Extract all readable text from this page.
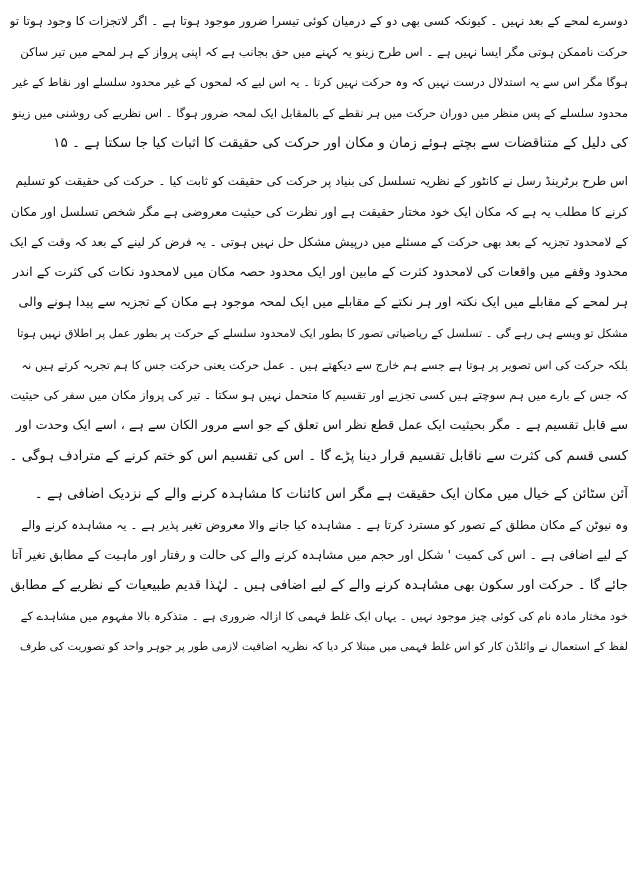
دوسرے لمحے کے بعد نہیں ۔ کیونکہ کسی بھی دو کے درمیان کوئی تیسرا ضرور موجود ہوتا ہے ۔ اگر لاتجزات کا وجود ہوتا تو
حرکت ناممکن ہوتی مگر ایسا نہیں ہے ۔ اس طرح زینو یہ کہنے میں حق بجانب ہے کہ اپنی پرواز کے ہر لمحے میں تیر ساکن
ہوگا مگر اس سے یہ استدلال درست نہیں کہ وہ حرکت نہیں کرتا ۔ یہ اس لیے کہ لمحوں کے غیر محدود سلسلے اور نقاط کے غیر
محدود سلسلے کے پس منظر میں دوران حرکت میں ہر نقطے کے بالمقابل ایک لمحہ ضرور ہوگا ۔ اس نظریے کی روشنی میں زینو
کی دلیل کے متناقضات سے بچتے ہوئے زمان و مکان اور حرکت کی حقیقت کا اثبات کیا جا سکتا ہے ۔ ۱۵
اس طرح برٹرینڈ رسل نے کانٹور کے نظریہ تسلسل کی بنیاد پر حرکت کی حقیقت کو ثابت کیا ۔ حرکت کی حقیقت کو تسلیم
کرنے کا مطلب یہ ہے کہ مکان ایک خود مختار حقیقت ہے اور نظرت کی حیثیت معروضی ہے مگر شخص تسلسل اور مکان
کے لامحدود تجزیہ کے بعد بھی حرکت کے مسئلے میں درپیش مشکل حل نہیں ہوتی ۔ یہ فرض کر لینے کے بعد کہ وقت کے ایک
محدود وقفے میں واقعات کی لامحدود کثرت کے مابین اور ایک محدود حصہ مکان میں لامحدود نکات کی کثرت کے اندر
ہر لمحے کے مقابلے میں ایک نکتہ اور ہر نکتے کے مقابلے میں ایک لمحہ موجود ہے مکان کے تجزیہ سے پیدا ہونے والی
مشکل تو ویسے ہی رہے گی ۔ تسلسل کے ریاضیاتی تصور کا بطور ایک لامحدود سلسلے کے حرکت پر بطور عمل پر اطلاق نہیں ہوتا
بلکہ حرکت کی اس تصویر پر ہوتا ہے جسے ہم خارج سے دیکھتے ہیں ۔ عمل حرکت یعنی حرکت جس کا ہم تجربہ کرتے ہیں نہ
کہ جس کے بارے میں ہم سوچتے ہیں کسی تجزیے اور تقسیم کا متحمل نہیں ہو سکتا ۔ تیر کی پرواز مکان میں سفر کی حیثیت
سے قابل تقسیم ہے ۔ مگر بحیثیت ایک عمل قطع نظر اس تعلق کے جو اسے مرور الکان سے ہے ، اسے ایک وحدت اور
کسی قسم کی کثرت سے ناقابل تقسیم قرار دینا پڑے گا ۔ اس کی تقسیم اس کو ختم کرنے کے مترادف ہوگی ۔
آئن سٹائن کے خیال میں مکان ایک حقیقت ہے مگر اس کائنات کا مشاہدہ کرنے والے کے نزدیک اضافی ہے ۔
وہ نیوٹن کے مکان مطلق کے تصور کو مسترد کرتا ہے ۔ مشاہدہ کیا جانے والا معروض تغیر پذیر ہے ۔ یہ مشاہدہ کرنے والے
کے لیے اضافی ہے ۔ اس کی کمیت ' شکل اور حجم میں مشاہدہ کرنے والے کی حالت و رفتار اور ماہیت کے مطابق تغیر آتا
جائے گا ۔ حرکت اور سکون بھی مشاہدہ کرنے والے کے لیے اضافی ہیں ۔ لہٰذا قدیم طبیعیات کے نظریے کے مطابق
خود مختار مادہ نام کی کوئی چیز موجود نہیں ۔ یہاں ایک غلط فہمی کا ازالہ ضروری ہے ۔ متذکرہ بالا مفہوم میں مشاہدے کے
لفظ کے استعمال نے وائلڈن کار کو اس غلط فہمی میں مبتلا کر دیا کہ نظریہ اضافیت لازمی طور پر جوہر واحد کو تصوریت کی طرف
